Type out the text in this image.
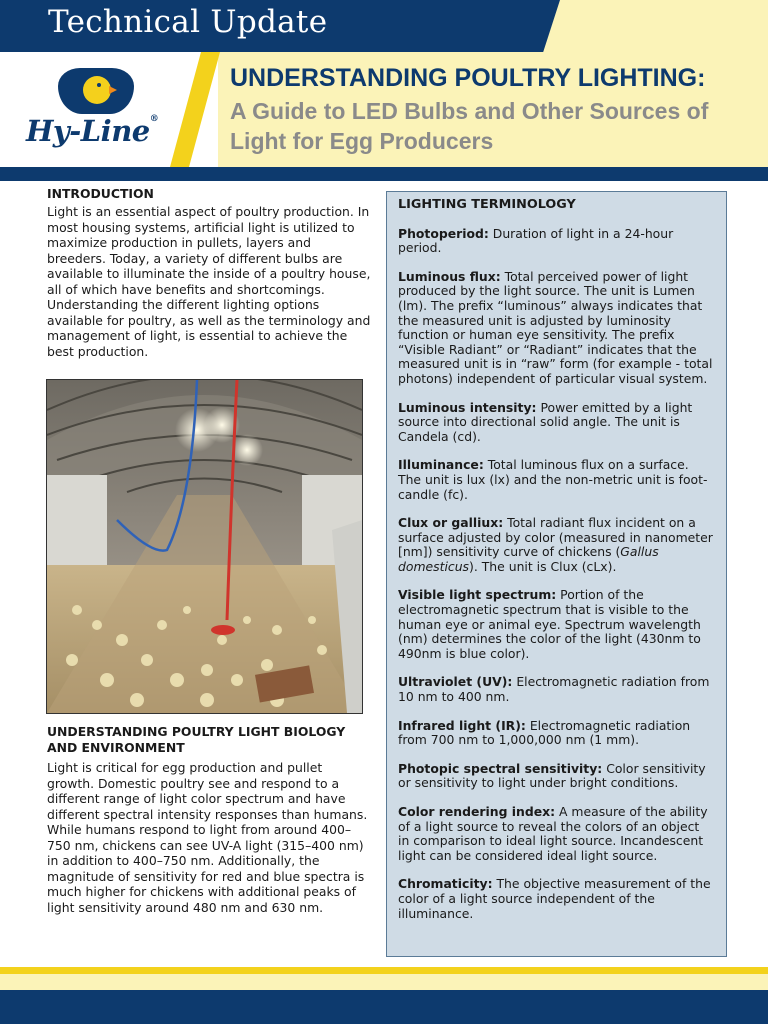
Technical Update
Hy-Line®
UNDERSTANDING POULTRY LIGHTING:
A Guide to LED Bulbs and Other Sources of Light for Egg Producers
INTRODUCTION

Light is an essential aspect of poultry production. In most housing systems, artificial light is utilized to maximize production in pullets, layers and breeders. Today, a variety of different bulbs are available to illuminate the inside of a poultry house, all of which have benefits and shortcomings. Understanding the different lighting options available for poultry, as well as the terminology and management of light, is essential to achieve the best production.

UNDERSTANDING POULTRY LIGHT BIOLOGY AND ENVIRONMENT

Light is critical for egg production and pullet growth. Domestic poultry see and respond to a different range of light color spectrum and have different spectral intensity responses than humans. While humans respond to light from around 400–750 nm, chickens can see UV-A light (315–400 nm) in addition to 400–750 nm. Additionally, the magnitude of sensitivity for red and blue spectra is much higher for chickens with additional peaks of light sensitivity around 480 nm and 630 nm.

LIGHTING TERMINOLOGY
Photoperiod: Duration of light in a 24-hour period.
Luminous flux: Total perceived power of light produced by the light source. The unit is Lumen (lm). The prefix “luminous” always indicates that the measured unit is adjusted by luminosity function or human eye sensitivity. The prefix “Visible Radiant” or “Radiant” indicates that the measured unit is in “raw” form (for example - total photons) independent of particular visual system.
Luminous intensity: Power emitted by a light source into directional solid angle. The unit is Candela (cd).
Illuminance: Total luminous flux on a surface. The unit is lux (lx) and the non-metric unit is foot-candle (fc).
Clux or galliux: Total radiant flux incident on a surface adjusted by color (measured in nanometer [nm]) sensitivity curve of chickens (Gallus domesticus). The unit is Clux (cLx).
Visible light spectrum: Portion of the electromagnetic spectrum that is visible to the human eye or animal eye. Spectrum wavelength (nm) determines the color of the light (430nm to 490nm is blue color).
Ultraviolet (UV): Electromagnetic radiation from 10 nm to 400 nm.
Infrared light (IR): Electromagnetic radiation from 700 nm to 1,000,000 nm (1 mm).
Photopic spectral sensitivity: Color sensitivity or sensitivity to light under bright conditions.
Color rendering index: A measure of the ability of a light source to reveal the colors of an object in comparison to ideal light source. Incandescent light can be considered ideal light source.
Chromaticity: The objective measurement of the color of a light source independent of the illuminance.
